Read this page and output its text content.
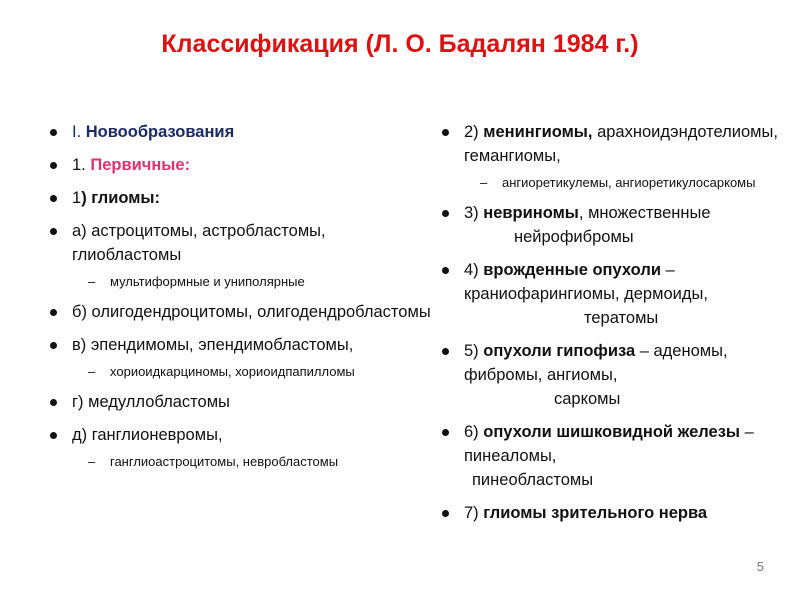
Классификация (Л. О. Бадалян 1984 г.)
I. Новообразования
1. Первичные:
1) глиомы:
а) астроцитомы, астробластомы, глиобластомы
– мультиформные и униполярные
б) олигодендроцитомы, олигодендробластомы
в) эпендимомы, эпендимобластомы,
– хориоидкарциномы, хориоидпапилломы
г) медуллобластомы
д) ганглионевромы,
– ганглиоастроцитомы, невробластомы
2) менингиомы, арахноидэндотелиомы, гемангиомы,
– ангиоретикулемы, ангиоретикулосаркомы
3) невриномы, множественные
нейрофибромы
4) врожденные опухоли – краниофарингиомы, дермоиды,
тератомы
5) опухоли гипофиза – аденомы, фибромы, ангиомы,
саркомы
6) опухоли шишковидной железы – пинеаломы,
пинеобластомы
7) глиомы зрительного нерва
5
